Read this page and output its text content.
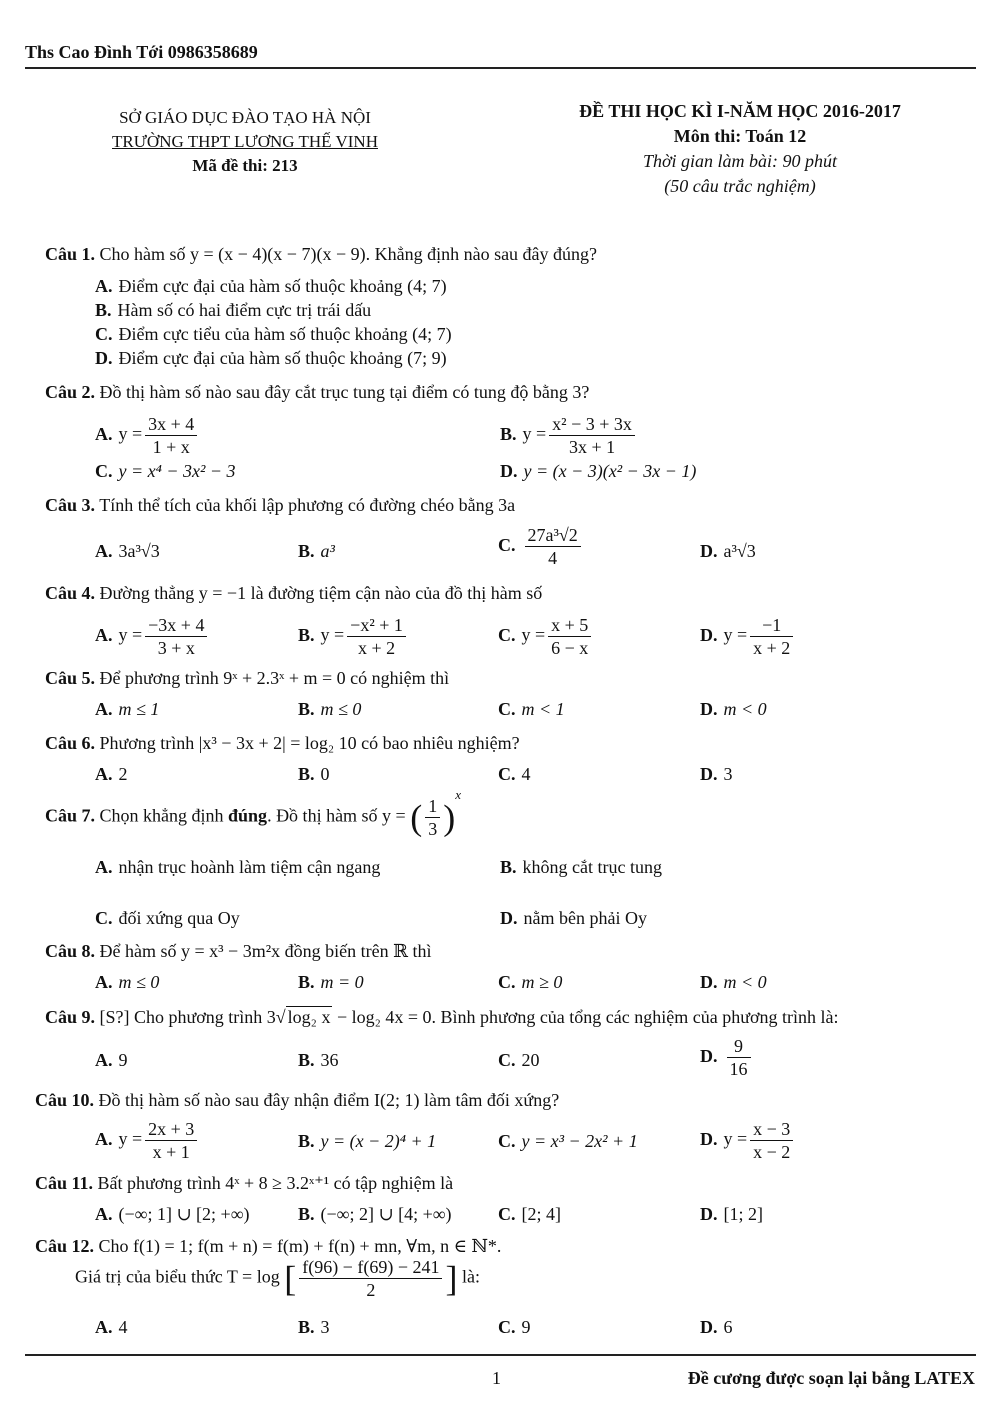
Ths Cao Đình Tới 0986358689
SỞ GIÁO DỤC ĐÀO TẠO HÀ NỘI
TRƯỜNG THPT LƯƠNG THẾ VINH
Mã đề thi: 213
ĐỀ THI HỌC KÌ I-NĂM HỌC 2016-2017
Môn thi: Toán 12
Thời gian làm bài: 90 phút
(50 câu trắc nghiệm)
Câu 1. Cho hàm số y = (x − 4)(x − 7)(x − 9). Khẳng định nào sau đây đúng?
A. Điểm cực đại của hàm số thuộc khoảng (4; 7)
B. Hàm số có hai điểm cực trị trái dấu
C. Điểm cực tiểu của hàm số thuộc khoảng (4; 7)
D. Điểm cực đại của hàm số thuộc khoảng (7; 9)
Câu 2. Đồ thị hàm số nào sau đây cắt trục tung tại điểm có tung độ bằng 3?
A. $y = \frac{3x + 4}{1 + x}$	B. $y = \frac{\text{x² − 3 + 3x}}{3x + 1}$
C. y = x⁴ − 3x² − 3	D. y = (x − 3)(x² − 3x − 1)
Câu 3. Tính thể tích của khối lập phương có đường chéo bằng 3a
A. 3a³√3	B. a³	C. $\frac{\text{27a³√2}}{4}$	D. a³√3
Câu 4. Đường thẳng y = −1 là đường tiệm cận nào của đồ thị hàm số
A. $y = \frac{-3x + 4}{3 + x}$	B. $y = \frac{\text{−x² + 1}}{x + 2}$	C. $y = \frac{x + 5}{6 - x}$	D. $y = \frac{-1}{x + 2}$
Câu 5. Để phương trình 9ˣ + 2.3ˣ + m = 0 có nghiệm thì
A. m ≤ 1	B. m ≤ 0	C. m < 1	D. m < 0
Câu 6. Phương trình |x³ − 3x + 2| = log₂ 10 có bao nhiêu nghiệm?
A. 2	B. 0	C. 4	D. 3
Câu 7. Chọn khẳng định đúng. Đồ thị hàm số y = ( $\frac{1}{3} )^x$
A. nhận trục hoành làm tiệm cận ngang	B. không cắt trục tung
C. đối xứng qua Oy	D. nằm bên phải Oy
Câu 8. Để hàm số y = x³ − 3m²x đồng biến trên ℝ thì
A. m ≤ 0	B. m = 0	C. m ≥ 0	D. m < 0
Câu 9. [S?] Cho phương trình 3√ log₂ x − log₂ 4x = 0. Bình phương của tổng các nghiệm của phương trình là:
A. 9	B. 36	C. 20	D. $\frac{9}{16}$
Câu 10. Đồ thị hàm số nào sau đây nhận điểm I(2; 1) làm tâm đối xứng?
A. $y = \frac{2x + 3}{x + 1}$	B. y = (x − 2)⁴ + 1	C. y = x³ − 2x² + 1	D. $y = \frac{x - 3}{x - 2}$
Câu 11. Bất phương trình 4ˣ + 8 ≥ 3.2ˣ⁺¹ có tập nghiệm là
A. (−∞; 1] ∪ [2; +∞)	B. (−∞; 2] ∪ [4; +∞)	C. [2; 4]	D. [1; 2]
Câu 12. Cho f(1) = 1; f(m + n) = f(m) + f(n) + mn, ∀m, n ∈ ℕ*.
Giá trị của biểu thức T = log [ $\frac{f(96) - f(69) - 241}{2}$ ] là:
A. 4	B. 3	C. 9	D. 6
1	Đề cương được soạn lại bằng LATEX
